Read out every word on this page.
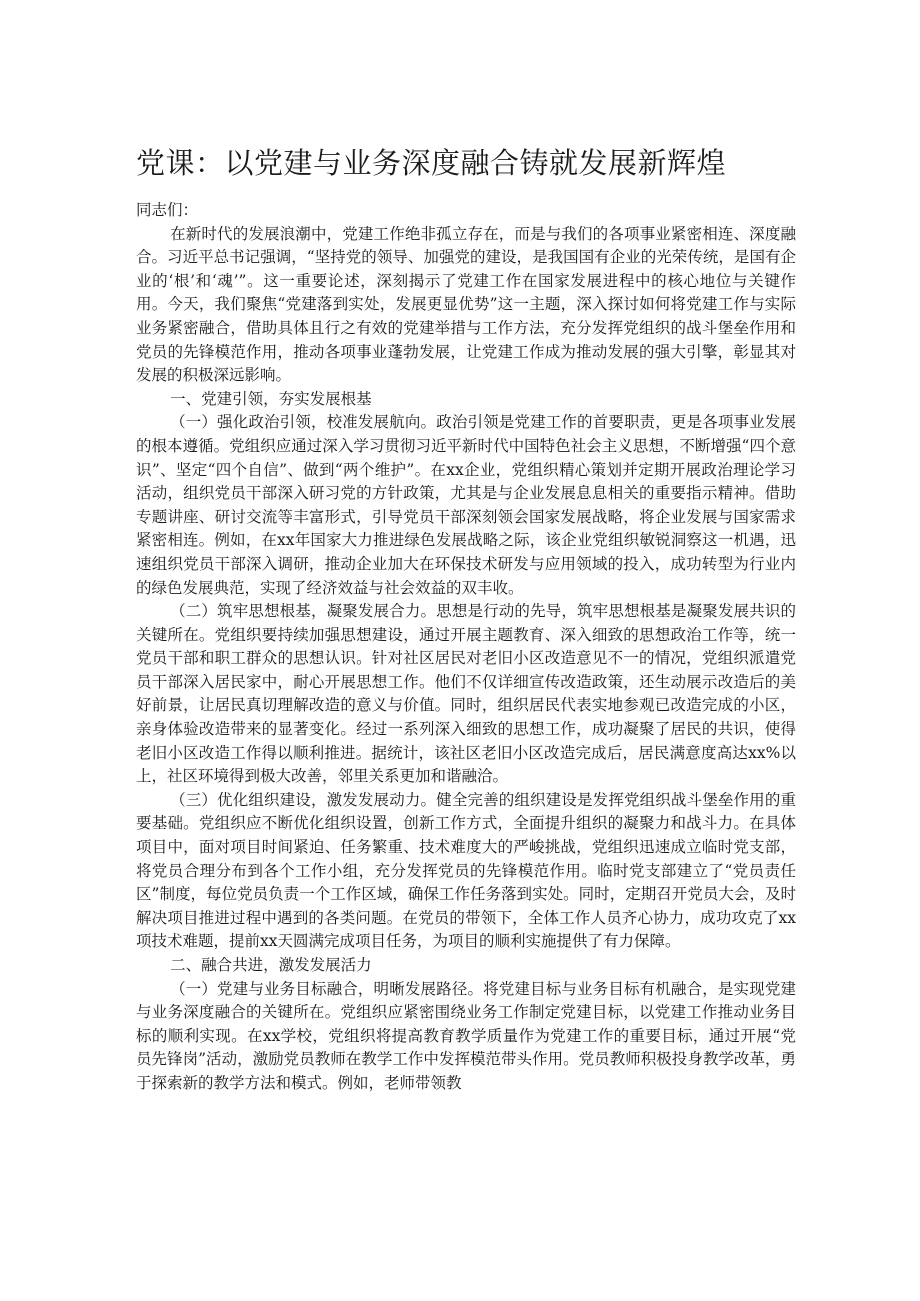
党课：以党建与业务深度融合铸就发展新辉煌

同志们：

在新时代的发展浪潮中，党建工作绝非孤立存在，而是与我们的各项事业紧密相连、深度融合。习近平总书记强调，“坚持党的领导、加强党的建设，是我国国有企业的光荣传统，是国有企业的‘根’和‘魂’”。这一重要论述，深刻揭示了党建工作在国家发展进程中的核心地位与关键作用。今天，我们聚焦“党建落到实处，发展更显优势”这一主题，深入探讨如何将党建工作与实际业务紧密融合，借助具体且行之有效的党建举措与工作方法，充分发挥党组织的战斗堡垒作用和党员的先锋模范作用，推动各项事业蓬勃发展，让党建工作成为推动发展的强大引擎，彰显其对发展的积极深远影响。

一、党建引领，夯实发展根基

（一）强化政治引领，校准发展航向。政治引领是党建工作的首要职责，更是各项事业发展的根本遵循。党组织应通过深入学习贯彻习近平新时代中国特色社会主义思想，不断增强“四个意识”、坚定“四个自信”、做到“两个维护”。在xx企业，党组织精心策划并定期开展政治理论学习活动，组织党员干部深入研习党的方针政策，尤其是与企业发展息息相关的重要指示精神。借助专题讲座、研讨交流等丰富形式，引导党员干部深刻领会国家发展战略，将企业发展与国家需求紧密相连。例如，在xx年国家大力推进绿色发展战略之际，该企业党组织敏锐洞察这一机遇，迅速组织党员干部深入调研，推动企业加大在环保技术研发与应用领域的投入，成功转型为行业内的绿色发展典范，实现了经济效益与社会效益的双丰收。

（二）筑牢思想根基，凝聚发展合力。思想是行动的先导，筑牢思想根基是凝聚发展共识的关键所在。党组织要持续加强思想建设，通过开展主题教育、深入细致的思想政治工作等，统一党员干部和职工群众的思想认识。针对社区居民对老旧小区改造意见不一的情况，党组织派遣党员干部深入居民家中，耐心开展思想工作。他们不仅详细宣传改造政策，还生动展示改造后的美好前景，让居民真切理解改造的意义与价值。同时，组织居民代表实地参观已改造完成的小区，亲身体验改造带来的显著变化。经过一系列深入细致的思想工作，成功凝聚了居民的共识，使得老旧小区改造工作得以顺利推进。据统计，该社区老旧小区改造完成后，居民满意度高达xx%以上，社区环境得到极大改善，邻里关系更加和谐融洽。

（三）优化组织建设，激发发展动力。健全完善的组织建设是发挥党组织战斗堡垒作用的重要基础。党组织应不断优化组织设置，创新工作方式，全面提升组织的凝聚力和战斗力。在具体项目中，面对项目时间紧迫、任务繁重、技术难度大的严峻挑战，党组织迅速成立临时党支部，将党员合理分布到各个工作小组，充分发挥党员的先锋模范作用。临时党支部建立了“党员责任区”制度，每位党员负责一个工作区域，确保工作任务落到实处。同时，定期召开党员大会，及时解决项目推进过程中遇到的各类问题。在党员的带领下，全体工作人员齐心协力，成功攻克了xx项技术难题，提前xx天圆满完成项目任务，为项目的顺利实施提供了有力保障。

二、融合共进，激发发展活力

（一）党建与业务目标融合，明晰发展路径。将党建目标与业务目标有机融合，是实现党建与业务深度融合的关键所在。党组织应紧密围绕业务工作制定党建目标，以党建工作推动业务目标的顺利实现。在xx学校，党组织将提高教育教学质量作为党建工作的重要目标，通过开展“党员先锋岗”活动，激励党员教师在教学工作中发挥模范带头作用。党员教师积极投身教学改革，勇于探索新的教学方法和模式。例如，老师带领教
